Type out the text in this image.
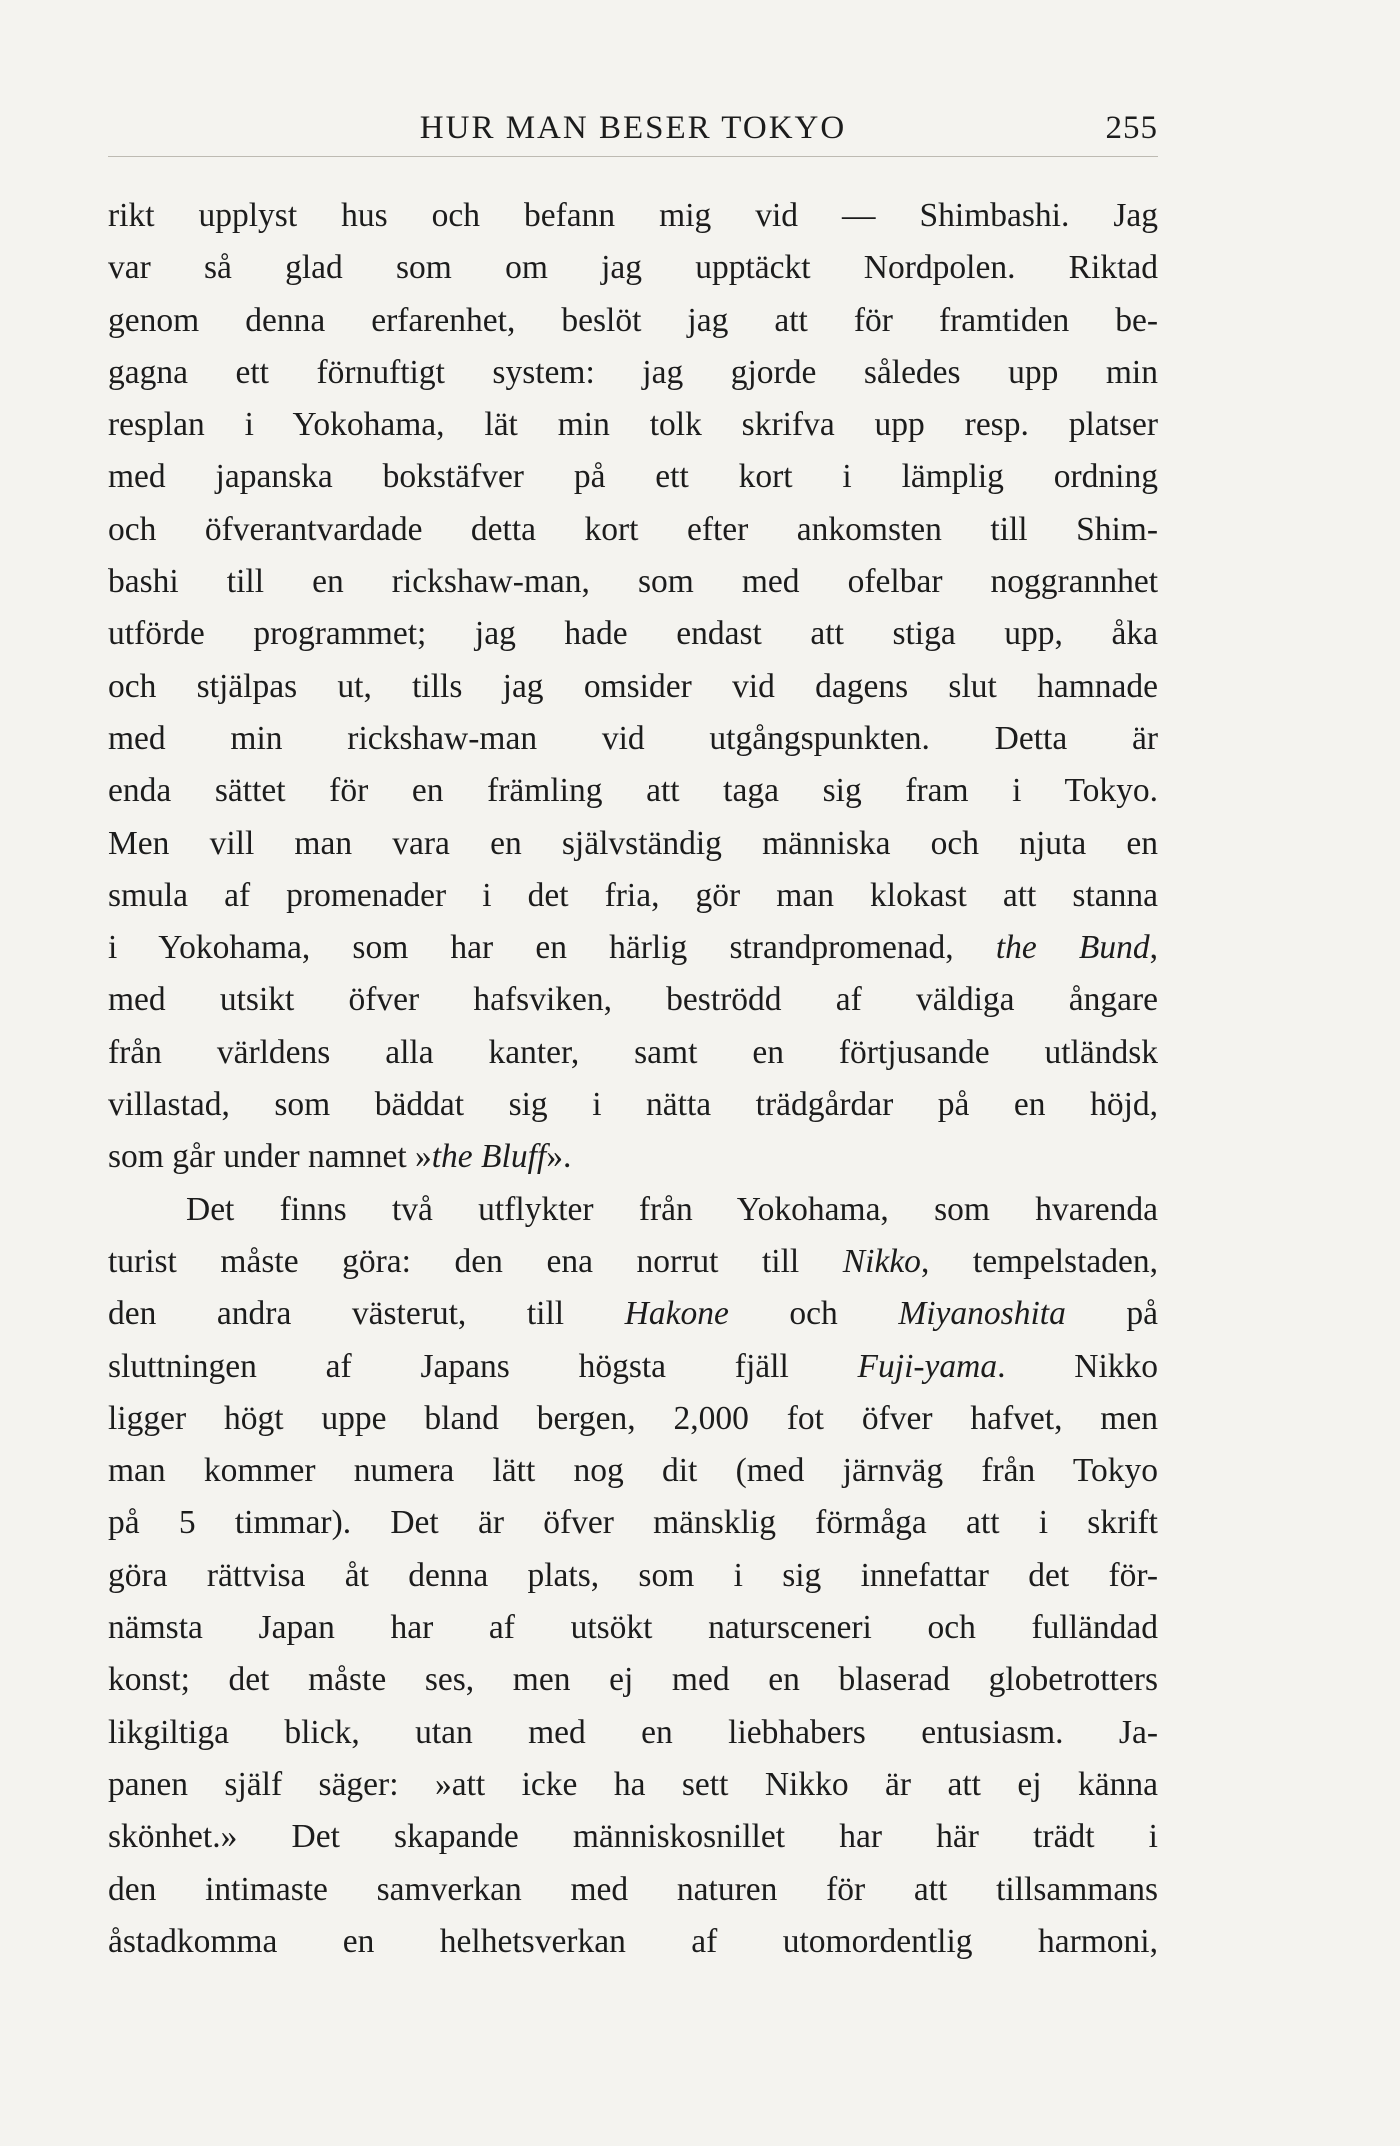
HUR MAN BESER TOKYO	255
rikt upplyst hus och befann mig vid — Shimbashi. Jag
var så glad som om jag upptäckt Nordpolen. Riktad
genom denna erfarenhet, beslöt jag att för framtiden be-
gagna ett förnuftigt system: jag gjorde således upp min
resplan i Yokohama, lät min tolk skrifva upp resp. platser
med japanska bokstäfver på ett kort i lämplig ordning
och öfverantvardade detta kort efter ankomsten till Shim-
bashi till en rickshaw-man, som med ofelbar noggrannhet
utförde programmet; jag hade endast att stiga upp, åka
och stjälpas ut, tills jag omsider vid dagens slut hamnade
med min rickshaw-man vid utgångspunkten. Detta är
enda sättet för en främling att taga sig fram i Tokyo.
Men vill man vara en självständig människa och njuta en
smula af promenader i det fria, gör man klokast att stanna
i Yokohama, som har en härlig strandpromenad, the Bund,
med utsikt öfver hafsviken, beströdd af väldiga ångare
från världens alla kanter, samt en förtjusande utländsk
villastad, som bäddat sig i nätta trädgårdar på en höjd,
som går under namnet »the Bluff».
Det finns två utflykter från Yokohama, som hvarenda
turist måste göra: den ena norrut till Nikko, tempelstaden,
den andra västerut, till Hakone och Miyanoshita på
sluttningen af Japans högsta fjäll Fuji-yama. Nikko
ligger högt uppe bland bergen, 2,000 fot öfver hafvet, men
man kommer numera lätt nog dit (med järnväg från Tokyo
på 5 timmar). Det är öfver mänsklig förmåga att i skrift
göra rättvisa åt denna plats, som i sig innefattar det för-
nämsta Japan har af utsökt natursceneri och fulländad
konst; det måste ses, men ej med en blaserad globetrotters
likgiltiga blick, utan med en liebhabers entusiasm. Ja-
panen själf säger: »att icke ha sett Nikko är att ej känna
skönhet.» Det skapande människosnillet har här trädt i
den intimaste samverkan med naturen för att tillsammans
åstadkomma en helhetsverkan af utomordentlig harmoni,
